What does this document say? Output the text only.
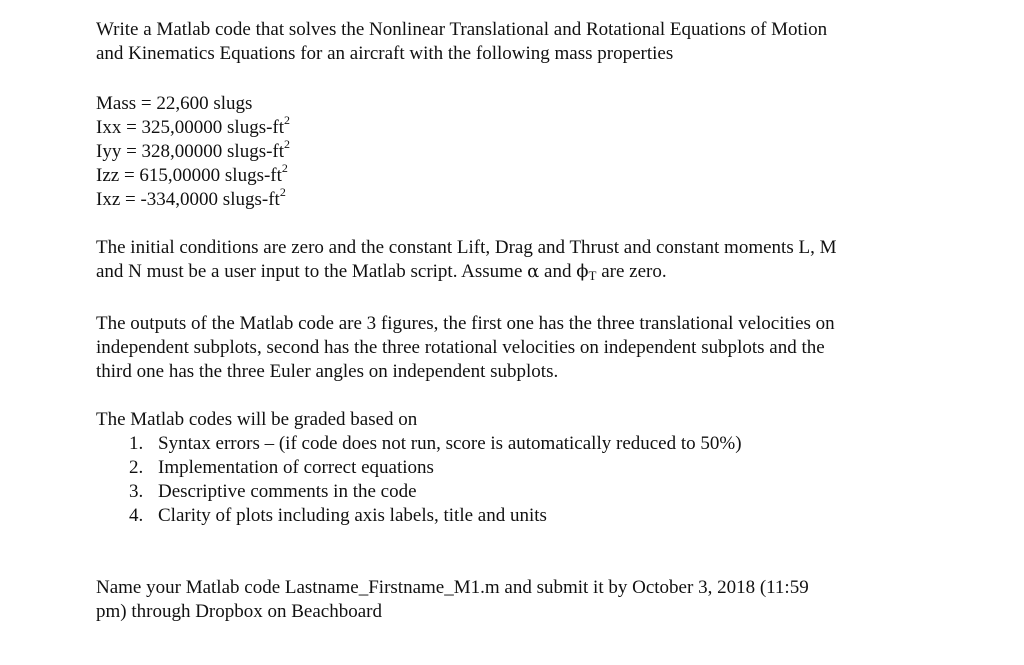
Write a Matlab code that solves the Nonlinear Translational and Rotational Equations of Motion
and Kinematics Equations for an aircraft with the following mass properties
Mass = 22,600 slugs
Ixx = 325,00000 slugs-$ft^2$
Iyy = 328,00000 slugs-$ft^2$
Izz = 615,00000 slugs-$ft^2$
Ixz = -334,0000 slugs-$ft^2$
The initial conditions are zero and the constant Lift, Drag and Thrust and constant moments L, M
and N must be a user input to the Matlab script. Assume α and ϕT are zero.
The outputs of the Matlab code are 3 figures, the first one has the three translational velocities on
independent subplots, second has the three rotational velocities on independent subplots and the
third one has the three Euler angles on independent subplots.
The Matlab codes will be graded based on
1. Syntax errors – (if code does not run, score is automatically reduced to 50%)
2. Implementation of correct equations
3. Descriptive comments in the code
4. Clarity of plots including axis labels, title and units
Name your Matlab code Lastname_Firstname_M1.m and submit it by October 3, 2018 (11:59
pm) through Dropbox on Beachboard
